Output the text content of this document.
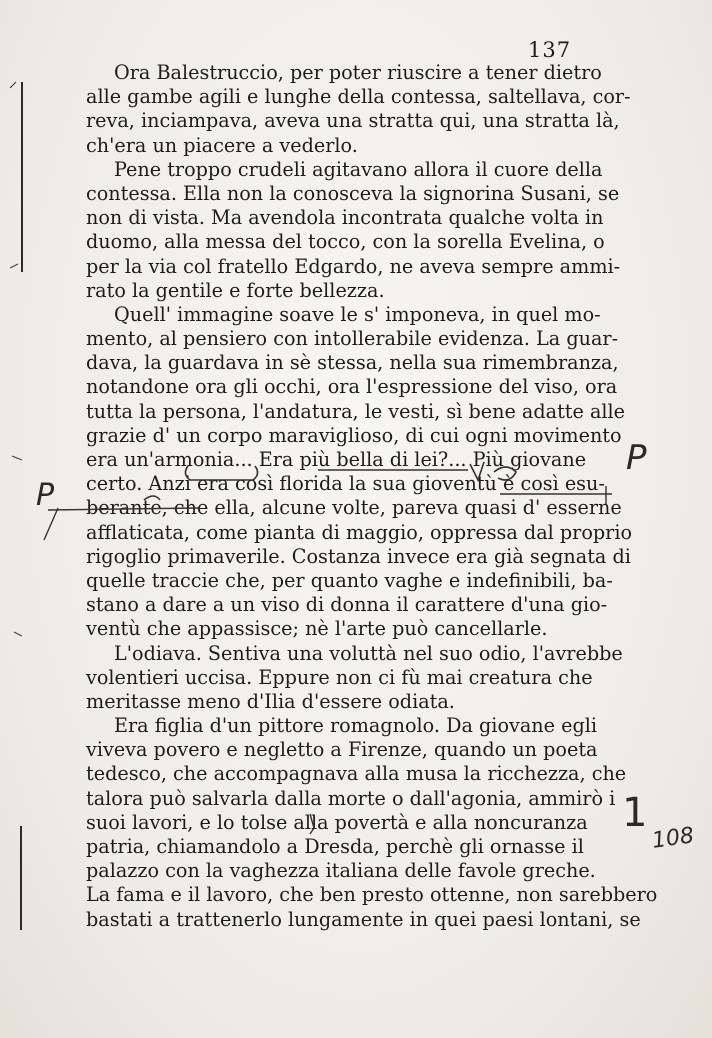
137
Ora Balestruccio, per poter riuscire a tener dietro
alle gambe agili e lunghe della contessa, saltellava, cor-
reva, inciampava, aveva una stratta qui, una stratta là,
ch'era un piacere a vederlo.
Pene troppo crudeli agitavano allora il cuore della
contessa. Ella non la conosceva la signorina Susani, se
non di vista. Ma avendola incontrata qualche volta in
duomo, alla messa del tocco, con la sorella Evelina, o
per la via col fratello Edgardo, ne aveva sempre ammi-
rato la gentile e forte bellezza.
Quell' immagine soave le s' imponeva, in quel mo-
mento, al pensiero con intollerabile evidenza. La guar-
dava, la guardava in sè stessa, nella sua rimembranza,
notandone ora gli occhi, ora l'espressione del viso, ora
tutta la persona, l'andatura, le vesti, sì bene adatte alle
grazie d' un corpo maraviglioso, di cui ogni movimento
era un'armonia... Era più bella di lei?... Più giovane
certo. Anzi era così florida la sua gioventù è così esu-
berante, che ella, alcune volte, pareva quasi d' esserne
afflaticata, come pianta di maggio, oppressa dal proprio
rigoglio primaverile. Costanza invece era già segnata di
quelle traccie che, per quanto vaghe e indefinibili, ba-
stano a dare a un viso di donna il carattere d'una gio-
ventù che appassisce; nè l'arte può cancellarle.
L'odiava. Sentiva una voluttà nel suo odio, l'avrebbe
volentieri uccisa. Eppure non ci fù mai creatura che
meritasse meno d'Ilia d'essere odiata.
Era figlia d'un pittore romagnolo. Da giovane egli
viveva povero e negletto a Firenze, quando un poeta
tedesco, che accompagnava alla musa la ricchezza, che
talora può salvarla dalla morte o dall'agonia, ammirò i
suoi lavori, e lo tolse alla povertà e alla noncuranza
patria, chiamandolo a Dresda, perchè gli ornasse il
palazzo con la vaghezza italiana delle favole greche.
La fama e il lavoro, che ben presto ottenne, non sarebbero
bastati a trattenerlo lungamente in quei paesi lontani, se
P
P
1
108
